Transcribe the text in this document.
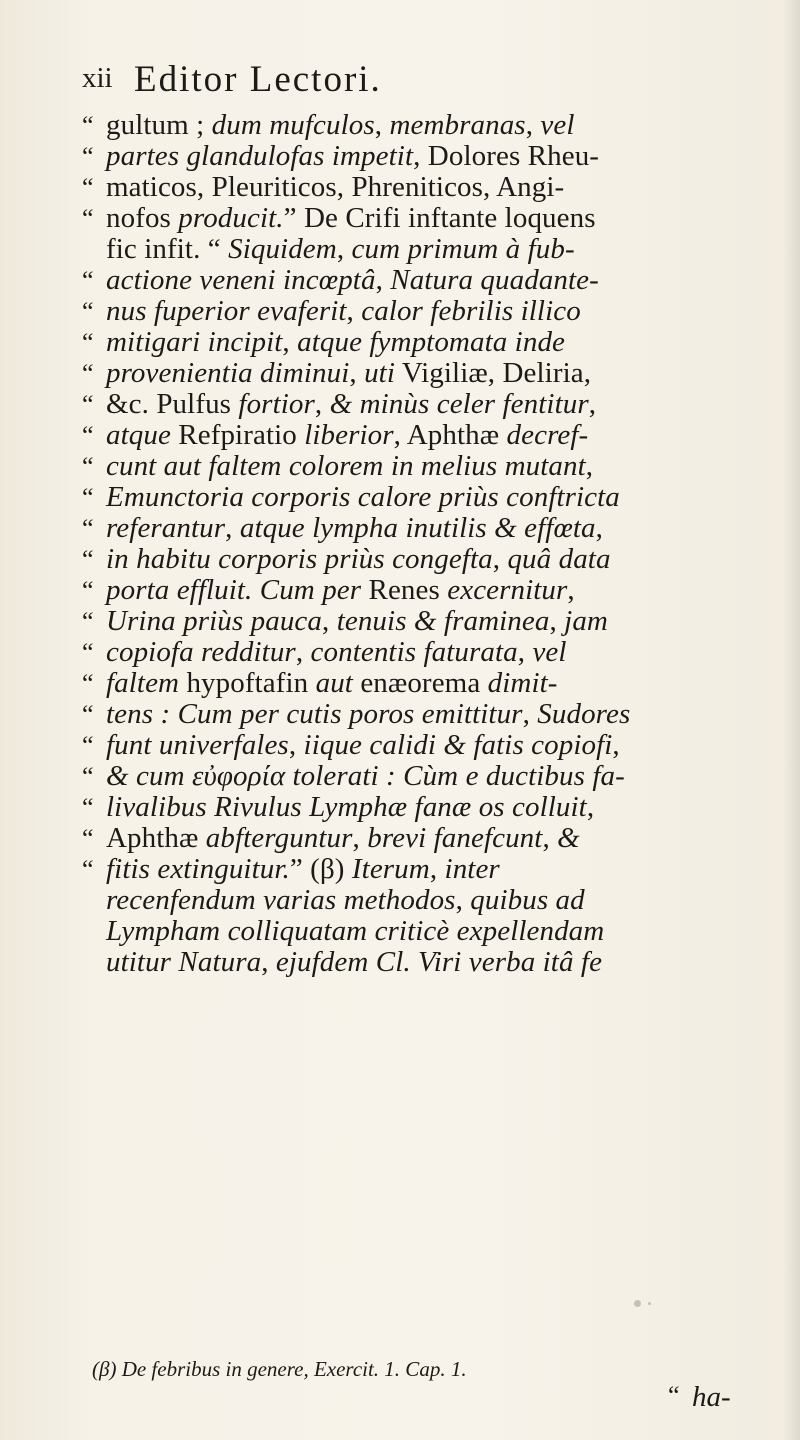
xii Editor Lectori.
“ gultum ; dum mufculos, membranas, vel
“ partes glandulofas impetit, Dolores Rheu-
“ maticos, Pleuriticos, Phreniticos, Angi-
“ nofos producit.” De Crifi inftante loquens
fic infit. “ Siquidem, cum primum à fub-
“ actione veneni incœptâ, Natura quadante-
“ nus fuperior evaferit, calor febrilis illico
“ mitigari incipit, atque fymptomata inde
“ provenientia diminui, uti Vigiliæ, Deliria,
“ &c. Pulfus fortior, & minùs celer fentitur,
“ atque Refpiratio liberior, Aphthæ decref-
“ cunt aut faltem colorem in melius mutant,
“ Emunctoria corporis calore priùs conftricta
“ referantur, atque lympha inutilis & effœta,
“ in habitu corporis priùs congefta, quâ data
“ porta effluit. Cum per Renes excernitur,
“ Urina priùs pauca, tenuis & framinea, jam
“ copiofa redditur, contentis faturata, vel
“ faltem hypoftafin aut enæorema dimit-
“ tens : Cum per cutis poros emittitur, Sudores
“ funt univerfales, iique calidi & fatis copiofi,
“ & cum εὐφορία tolerati : Cùm e ductibus fa-
“ livalibus Rivulus Lymphæ fanæ os colluit,
“ Aphthæ abfterguntur, brevi fanefcunt, &
“ fitis extinguitur.” (β) Iterum, inter
recenfendum varias methodos, quibus ad
Lympham colliquatam criticè expellendam
utitur Natura, ejufdem Cl. Viri verba itâ fe
(β) De febribus in genere, Exercit. 1. Cap. 1.
“ ha-
